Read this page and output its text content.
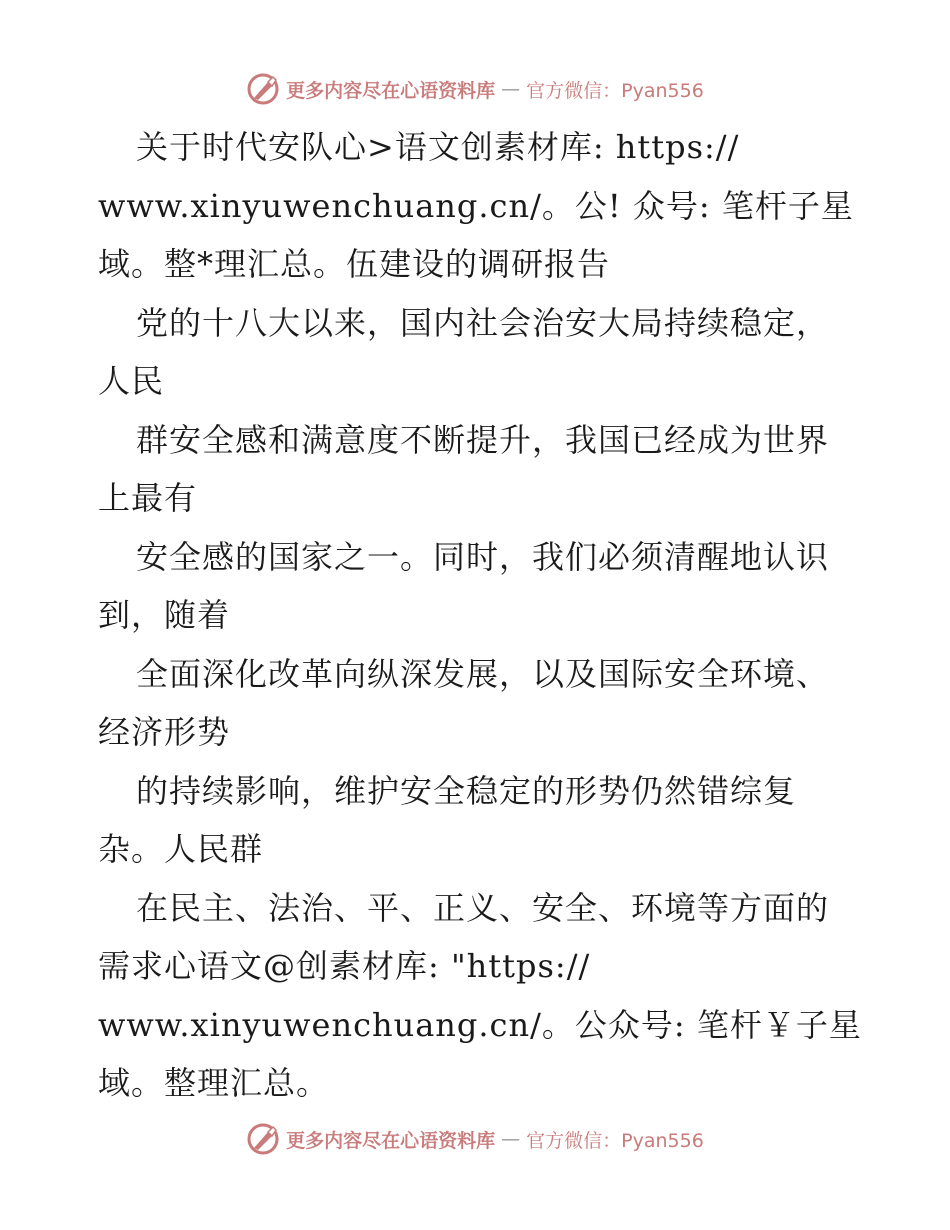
更多内容尽在心语资料库 — 官方微信：Pyan556
关于时代安队心>语文创素材库: https://
www.xinyuwenchuang.cn/。公! 众号: 笔杆子星
域。整*理汇总。伍建设的调研报告
党的十八大以来，国内社会治安大局持续稳定，
人民
群安全感和满意度不断提升，我国已经成为世界
上最有
安全感的国家之一。同时，我们必须清醒地认识
到，随着
全面深化改革向纵深发展，以及国际安全环境、
经济形势
的持续影响，维护安全稳定的形势仍然错综复
杂。人民群
在民主、法治、平、正义、安全、环境等方面的
需求心语文@创素材库: "https://
www.xinyuwenchuang.cn/。公众号: 笔杆￥子星
域。整理汇总。
更多内容尽在心语资料库 — 官方微信：Pyan556
